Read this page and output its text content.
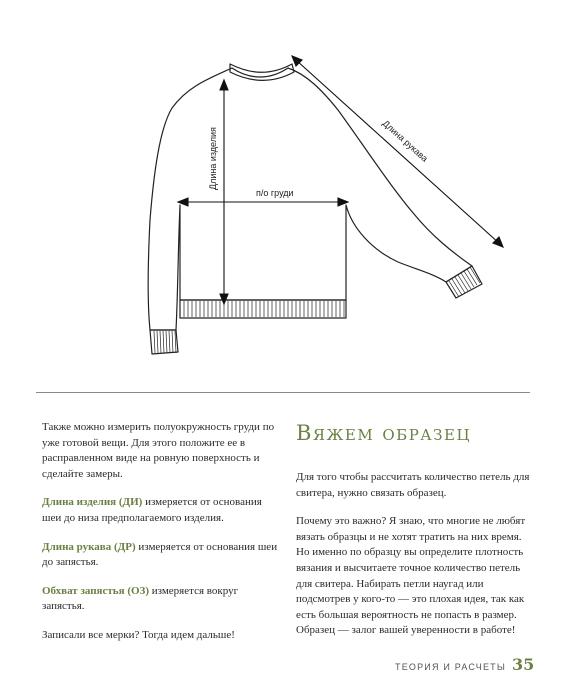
Длина изделия
п/о груди
Длина рукава

Также можно измерить полуокружность груди по уже готовой вещи. Для этого положите ее в расправленном виде на ровную поверхность и сделайте замеры.

Длина изделия (ДИ) измеряется от основания шеи до низа предполагаемого изделия.

Длина рукава (ДР) измеряется от основания шеи до запястья.

Обхват запястья (ОЗ) измеряется вокруг запястья.

Записали все мерки? Тогда идем дальше!

Вяжем образец

Для того чтобы рассчитать количество петель для свитера, нужно связать образец.

Почему это важно? Я знаю, что многие не любят вязать образцы и не хотят тратить на них время. Но именно по образцу вы определите плотность вязания и высчитаете точное количество петель для свитера. Набирать петли наугад или подсмотрев у кого-то — это плохая идея, так как есть большая вероятность не попасть в размер. Образец — залог вашей уверенности в работе!

ТЕОРИЯ И РАСЧЕТЫ 35
